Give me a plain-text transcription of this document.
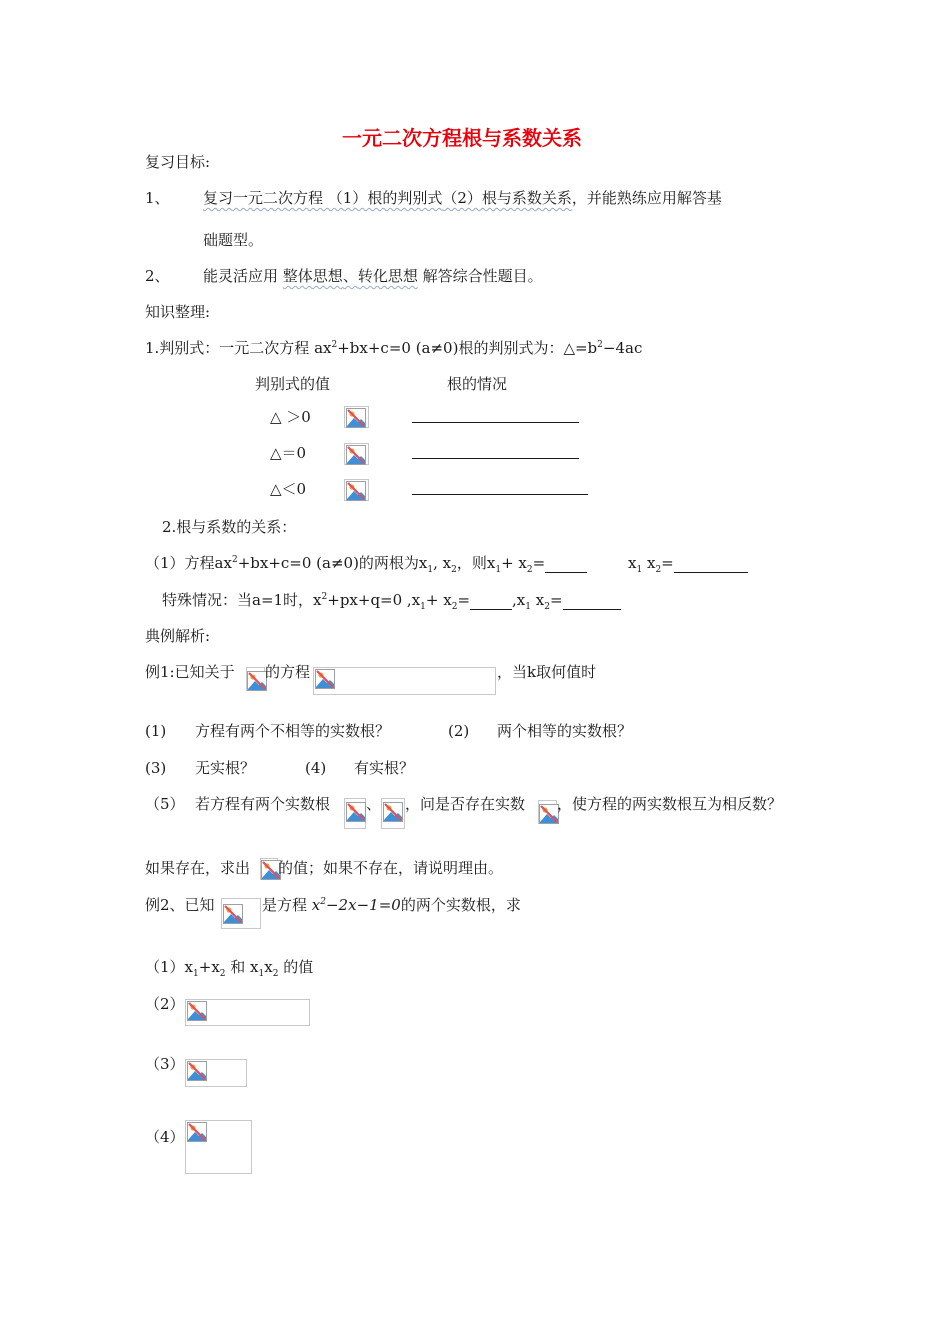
一元二次方程根与系数关系
复习目标:
1、 复习一元二次方程 （1）根的判别式（2）根与系数关系，并能熟练应用解答基
础题型。
2、 能灵活应用 整体思想、转化思想 解答综合性题目。
知识整理:
1.判别式：一元二次方程 $ax^2+bx+c=0$ (a≠0)根的判别式为：$\triangle=b^2-4ac$
判别式的值	根的情况
△ ＞0
△＝0
△＜0
2.根与系数的关系：
（1）方程$ax^2+bx+c=0$ (a≠0)的两根为$x_1$, $x_2$，则$x_1+ x_2=$	$x_1$ $x_2=$
特殊情况：当a=1时，$x^2+px+q=0$ $,x_1+ x_2=$	$,x_1$ $x_2=$
典例解析:
例1:已知关于 的方程	，当k取何值时
(1) 方程有两个不相等的实数根？	(2) 两个相等的实数根？
(3) 无实根？	(4) 有实根？
（5） 若方程有两个实数根 、 ，问是否存在实数 ，使方程的两实数根互为相反数？
如果存在，求出 的值；如果不存在，请说明理由。
例2、已知	是方程 $x^2-2x-1=0$的两个实数根，求
$(1)x_1+x_2$ 和 $x_1x_2$ 的值
（2）
（3）
（4）
